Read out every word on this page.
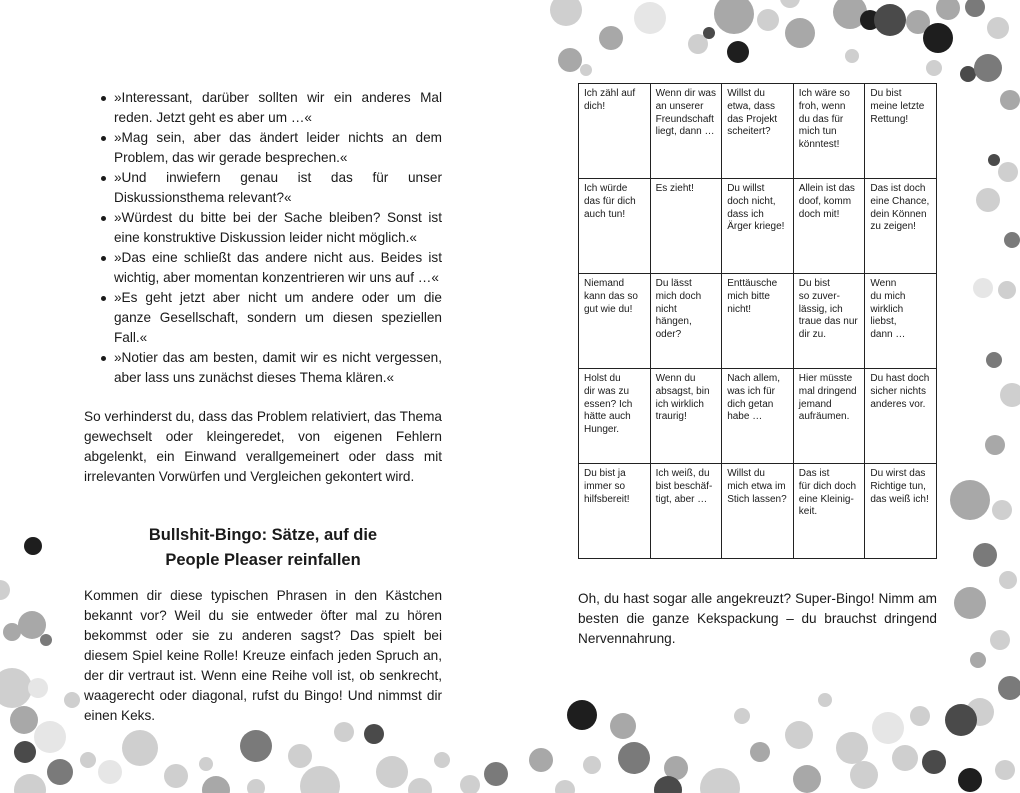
»Interessant, darüber sollten wir ein anderes Mal reden. Jetzt geht es aber um …«
»Mag sein, aber das ändert leider nichts an dem Problem, das wir gerade besprechen.«
»Und inwiefern genau ist das für unser Diskussionsthema relevant?«
»Würdest du bitte bei der Sache bleiben? Sonst ist eine konstruktive Diskussion leider nicht möglich.«
»Das eine schließt das andere nicht aus. Beides ist wichtig, aber momentan konzentrieren wir uns auf …«
»Es geht jetzt aber nicht um andere oder um die ganze Gesellschaft, sondern um diesen speziellen Fall.«
»Notier das am besten, damit wir es nicht vergessen, aber lass uns zunächst dieses Thema klären.«

So verhinderst du, dass das Problem relativiert, das Thema gewechselt oder kleingeredet, von eigenen Fehlern abgelenkt, ein Einwand verallgemeinert oder dass mit irrelevanten Vorwürfen und Vergleichen gekontert wird.

Bullshit-Bingo: Sätze, auf die
People Pleaser reinfallen

Kommen dir diese typischen Phrasen in den Kästchen bekannt vor? Weil du sie entweder öfter mal zu hören bekommst oder sie zu anderen sagst? Das spielt bei diesem Spiel keine Rolle! Kreuze einfach jeden Spruch an, der dir vertraut ist. Wenn eine Reihe voll ist, ob senkrecht, waagerecht oder diagonal, rufst du Bingo! Und nimmst dir einen Keks.

Ich zähl auf
dich!	Wenn dir was
an unserer
Freundschaft
liegt, dann …	Willst du
etwa, dass
das Projekt
scheitert?	Ich wäre so
froh, wenn
du das für
mich tun
könntest!	Du bist
meine letzte
Rettung!

Ich würde
das für dich
auch tun!	Es zieht!	Du willst
doch nicht,
dass ich
Ärger kriege!	Allein ist das
doof, komm
doch mit!	Das ist doch
eine Chance,
dein Können
zu zeigen!

Niemand
kann das so
gut wie du!	Du lässt
mich doch
nicht
hängen,
oder?	Enttäusche
mich bitte
nicht!	Du bist
so zuver-
lässig, ich
traue das nur
dir zu.	Wenn
du mich
wirklich
liebst,
dann …

Holst du
dir was zu
essen? Ich
hätte auch
Hunger.	Wenn du
absagst, bin
ich wirklich
traurig!	Nach allem,
was ich für
dich getan
habe …	Hier müsste
mal dringend
jemand
aufräumen.	Du hast doch
sicher nichts
anderes vor.

Du bist ja
immer so
hilfsbereit!	Ich weiß, du
bist beschäf-
tigt, aber …	Willst du
mich etwa im
Stich lassen?	Das ist
für dich doch
eine Kleinig-
keit.	Du wirst das
Richtige tun,
das weiß ich!

Oh, du hast sogar alle angekreuzt? Super-Bingo! Nimm am besten die ganze Kekspackung – du brauchst dringend Nervennahrung.
